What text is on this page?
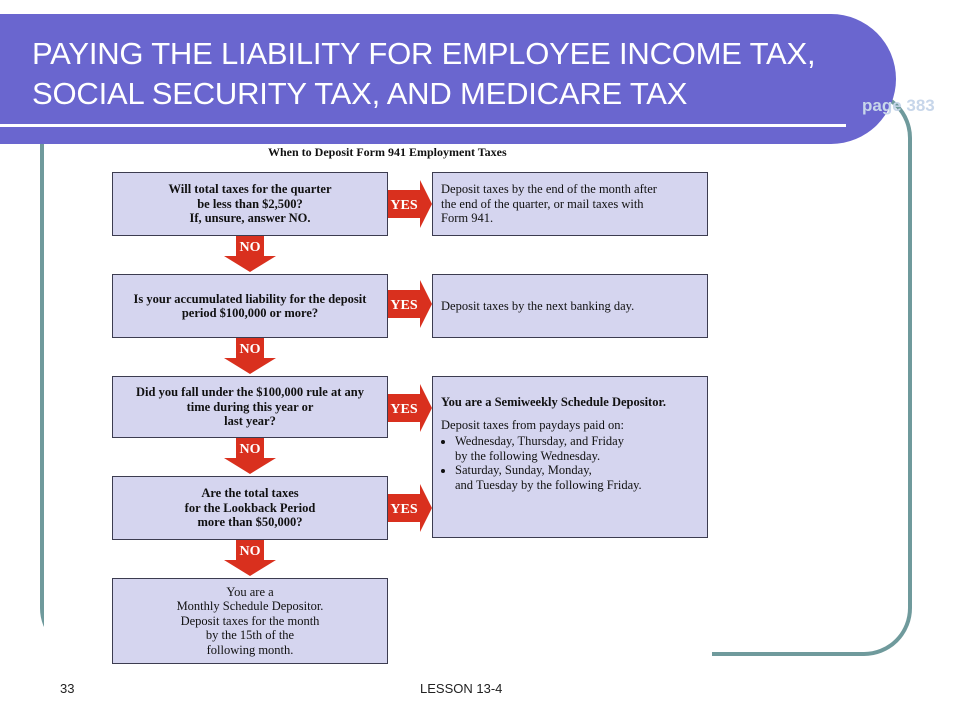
PAYING THE LIABILITY FOR EMPLOYEE INCOME TAX, SOCIAL SECURITY TAX, AND MEDICARE TAX	page 383
When to Deposit Form 941 Employment Taxes
Will total taxes for the quarter
be less than $2,500?
If, unsure, answer NO.
Is your accumulated liability for the deposit
period $100,000 or more?
Did you fall under the $100,000 rule at any
time during this year or
last year?
Are the total taxes
for the Lookback Period
more than $50,000?
You are a
Monthly Schedule Depositor.
Deposit taxes for the month
by the 15th of the
following month.
Deposit taxes by the end of the month after
the end of the quarter, or mail taxes with
Form 941.
Deposit taxes by the next banking day.
You are a Semiweekly Schedule Depositor.
Deposit taxes from paydays paid on:
• Wednesday, Thursday, and Friday
by the following Wednesday.
• Saturday, Sunday, Monday,
and Tuesday by the following Friday.
YES
YES
YES
YES
NO
NO
NO
NO
33	LESSON 13-4
